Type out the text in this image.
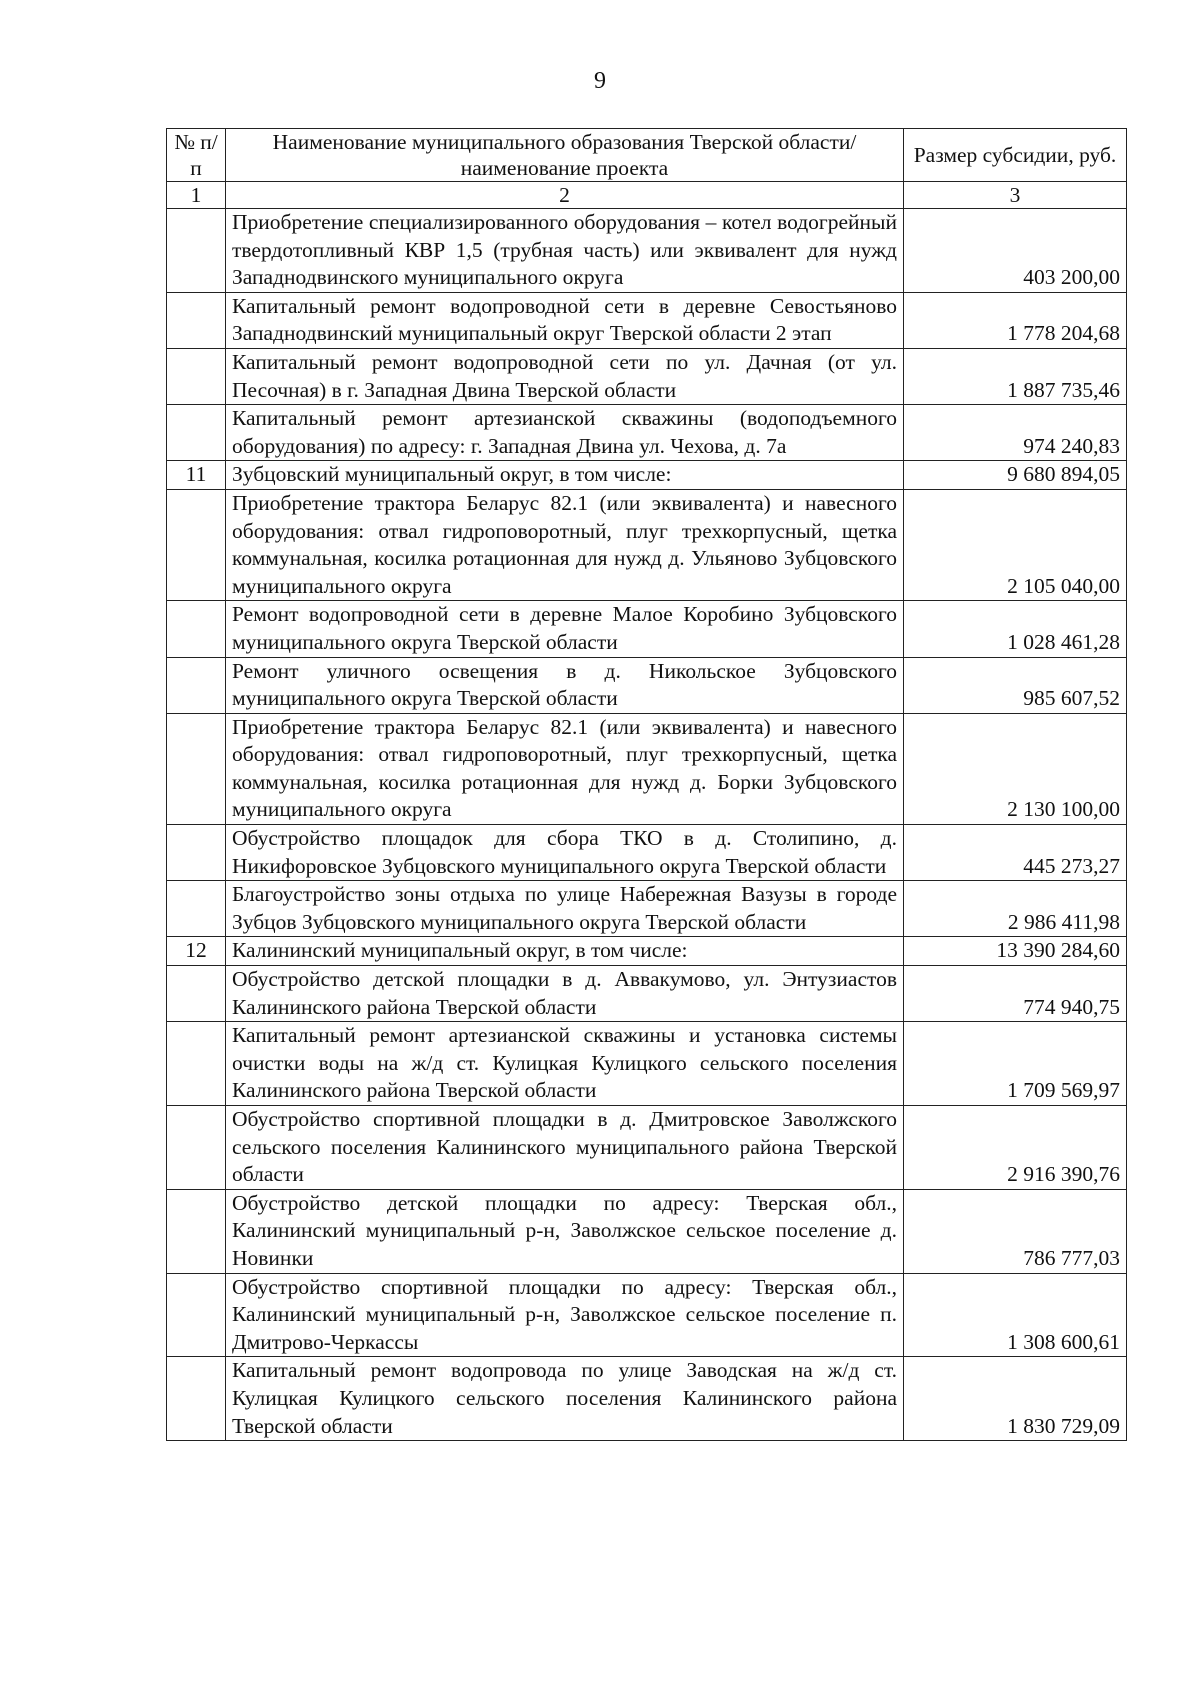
9
№ п/п	Наименование муниципального образования Тверской области/наименование проекта	Размер субсидии, руб.
1	2	3
	Приобретение специализированного оборудования – котел водогрейный твердотопливный КВР 1,5 (трубная часть) или эквивалент для нужд Западнодвинского муниципального округа	403 200,00
	Капитальный ремонт водопроводной сети в деревне Севостьяново Западнодвинский муниципальный округ Тверской области 2 этап	1 778 204,68
	Капитальный ремонт водопроводной сети по ул. Дачная (от ул. Песочная) в г. Западная Двина Тверской области	1 887 735,46
	Капитальный ремонт артезианской скважины (водоподъемного оборудования) по адресу: г. Западная Двина ул. Чехова, д. 7а	974 240,83
11	Зубцовский муниципальный округ, в том числе:	9 680 894,05
	Приобретение трактора Беларус 82.1 (или эквивалента) и навесного оборудования: отвал гидроповоротный, плуг трехкорпусный, щетка коммунальная, косилка ротационная для нужд д. Ульяново Зубцовского муниципального округа	2 105 040,00
	Ремонт водопроводной сети в деревне Малое Коробино Зубцовского муниципального округа Тверской области	1 028 461,28
	Ремонт уличного освещения в д. Никольское Зубцовского муниципального округа Тверской области	985 607,52
	Приобретение трактора Беларус 82.1 (или эквивалента) и навесного оборудования: отвал гидроповоротный, плуг трехкорпусный, щетка коммунальная, косилка ротационная для нужд д. Борки Зубцовского муниципального округа	2 130 100,00
	Обустройство площадок для сбора ТКО в д. Столипино, д. Никифоровское Зубцовского муниципального округа Тверской области	445 273,27
	Благоустройство зоны отдыха по улице Набережная Вазузы в городе Зубцов Зубцовского муниципального округа Тверской области	2 986 411,98
12	Калининский муниципальный округ, в том числе:	13 390 284,60
	Обустройство детской площадки в д. Аввакумово, ул. Энтузиастов Калининского района Тверской области	774 940,75
	Капитальный ремонт артезианской скважины и установка системы очистки воды на ж/д ст. Кулицкая Кулицкого сельского поселения Калининского района Тверской области	1 709 569,97
	Обустройство спортивной площадки в д. Дмитровское Заволжского сельского поселения Калининского муниципального района Тверской области	2 916 390,76
	Обустройство детской площадки по адресу: Тверская обл., Калининский муниципальный р-н, Заволжское сельское поселение д. Новинки	786 777,03
	Обустройство спортивной площадки по адресу: Тверская обл., Калининский муниципальный р-н, Заволжское сельское поселение п. Дмитрово-Черкассы	1 308 600,61
	Капитальный ремонт водопровода по улице Заводская на ж/д ст. Кулицкая Кулицкого сельского поселения Калининского района Тверской области	1 830 729,09
